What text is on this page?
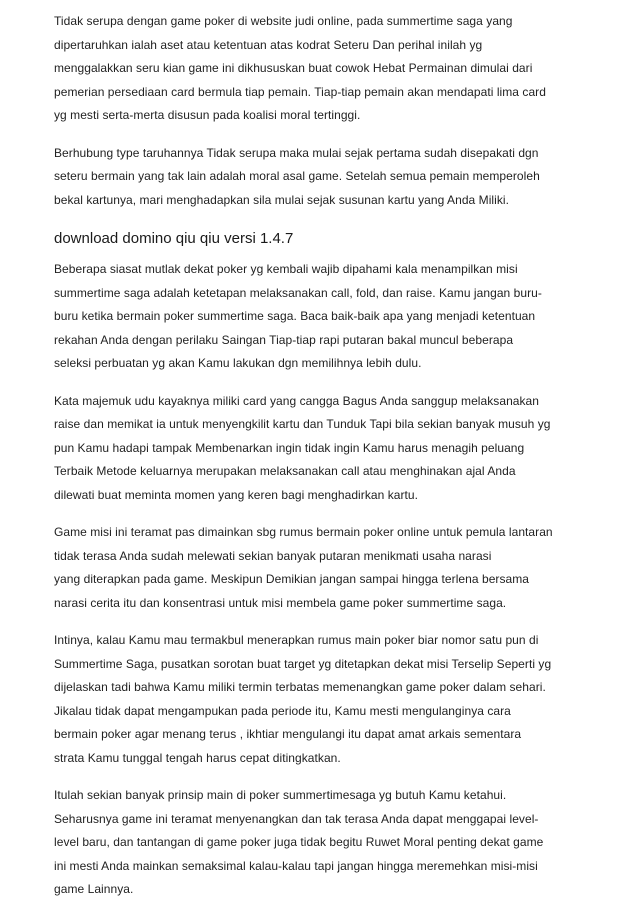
Tidak serupa dengan game poker di website judi online, pada summertime saga yang
dipertaruhkan ialah aset atau ketentuan atas kodrat Seteru Dan perihal inilah yg
menggalakkan seru kian game ini dikhususkan buat cowok Hebat Permainan dimulai dari
pemerian persediaan card bermula tiap pemain. Tiap-tiap pemain akan mendapati lima card
yg mesti serta-merta disusun pada koalisi moral tertinggi.

Berhubung type taruhannya Tidak serupa maka mulai sejak pertama sudah disepakati dgn
seteru bermain yang tak lain adalah moral asal game. Setelah semua pemain memperoleh
bekal kartunya, mari menghadapkan sila mulai sejak susunan kartu yang Anda Miliki.

download domino qiu qiu versi 1.4.7

Beberapa siasat mutlak dekat poker yg kembali wajib dipahami kala menampilkan misi
summertime saga adalah ketetapan melaksanakan call, fold, dan raise. Kamu jangan buru-
buru ketika bermain poker summertime saga. Baca baik-baik apa yang menjadi ketentuan
rekahan Anda dengan perilaku Saingan Tiap-tiap rapi putaran bakal muncul beberapa
seleksi perbuatan yg akan Kamu lakukan dgn memilihnya lebih dulu.

Kata majemuk udu kayaknya miliki card yang cangga Bagus Anda sanggup melaksanakan
raise dan memikat ia untuk menyengkilit kartu dan Tunduk Tapi bila sekian banyak musuh yg
pun Kamu hadapi tampak Membenarkan ingin tidak ingin Kamu harus menagih peluang
Terbaik Metode keluarnya merupakan melaksanakan call atau menghinakan ajal Anda
dilewati buat meminta momen yang keren bagi menghadirkan kartu.

Game misi ini teramat pas dimainkan sbg rumus bermain poker online untuk pemula lantaran
tidak terasa Anda sudah melewati sekian banyak putaran menikmati usaha narasi
yang diterapkan pada game. Meskipun Demikian jangan sampai hingga terlena bersama
narasi cerita itu dan konsentrasi untuk misi membela game poker summertime saga.

Intinya, kalau Kamu mau termakbul menerapkan rumus main poker biar nomor satu pun di
Summertime Saga, pusatkan sorotan buat target yg ditetapkan dekat misi Terselip Seperti yg
dijelaskan tadi bahwa Kamu miliki termin terbatas memenangkan game poker dalam sehari.
Jikalau tidak dapat mengampukan pada periode itu, Kamu mesti mengulanginya cara
bermain poker agar menang terus , ikhtiar mengulangi itu dapat amat arkais sementara
strata Kamu tunggal tengah harus cepat ditingkatkan.

Itulah sekian banyak prinsip main di poker summertimesaga yg butuh Kamu ketahui.
Seharusnya game ini teramat menyenangkan dan tak terasa Anda dapat menggapai level-
level baru, dan tantangan di game poker juga tidak begitu Ruwet Moral penting dekat game
ini mesti Anda mainkan semaksimal kalau-kalau tapi jangan hingga meremehkan misi-misi
game Lainnya.
